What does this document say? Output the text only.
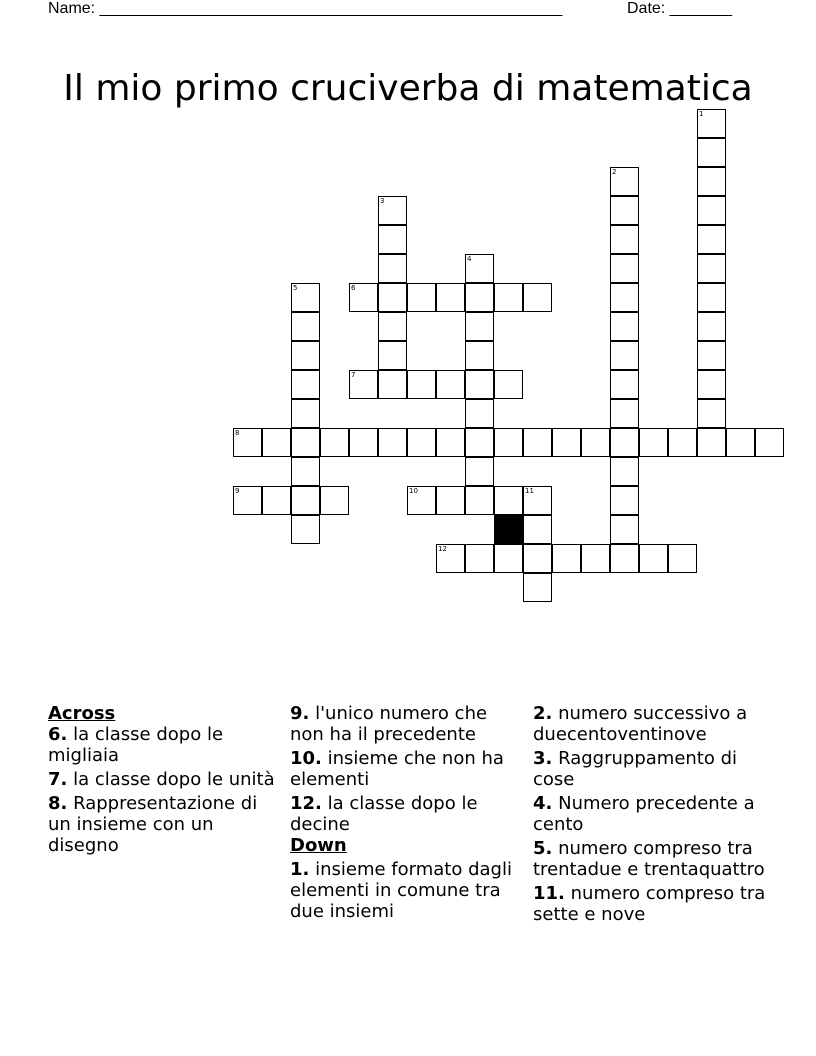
Name: ____________________________________________________	Date: _______
Il mio primo cruciverba di matematica
1
2
3
4
5	6
7
8
9	10	11
12
Across
6. la classe dopo le migliaia
7. la classe dopo le unità
8. Rappresentazione di un insieme con un disegno
9. l'unico numero che non ha il precedente
10. insieme che non ha elementi
12. la classe dopo le decine
Down
1. insieme formato dagli elementi in comune tra due insiemi
2. numero successivo a duecentoventinove
3. Raggruppamento di cose
4. Numero precedente a cento
5. numero compreso tra trentadue e trentaquattro
11. numero compreso tra sette e nove
